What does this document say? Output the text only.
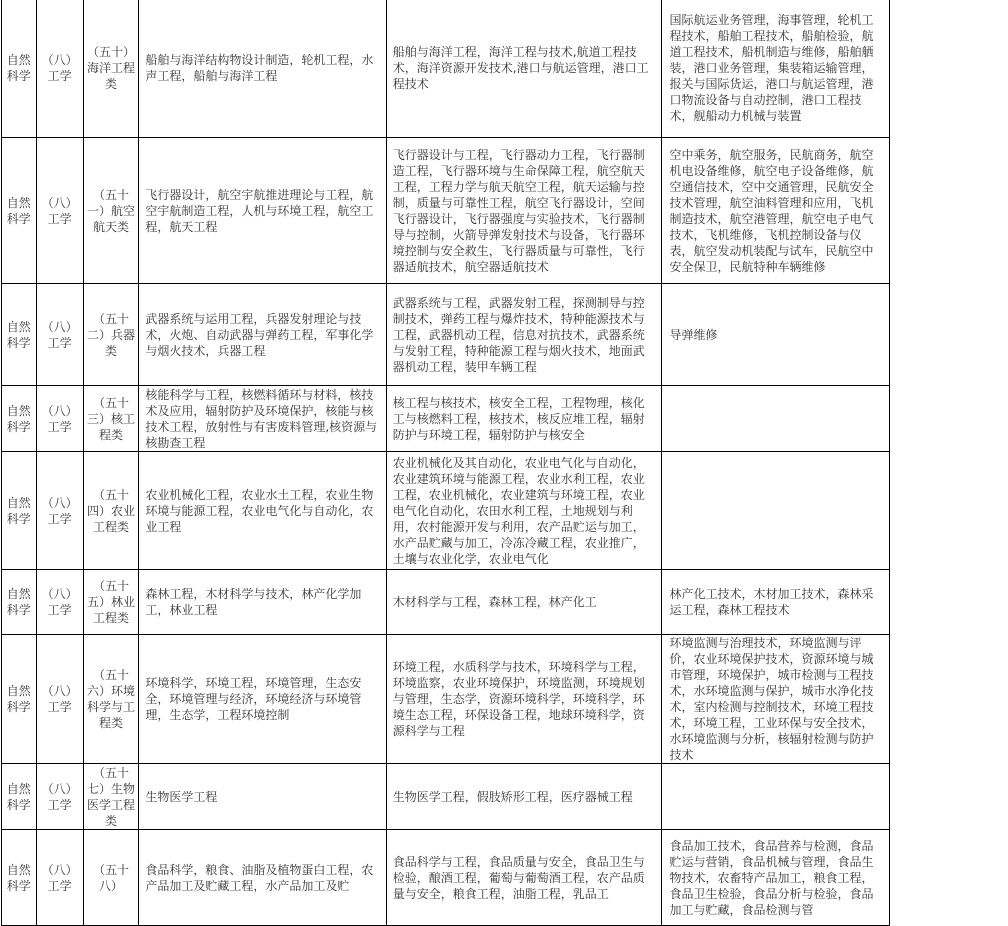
自然科学	（八）工学	（五十）海洋工程类	船舶与海洋结构物设计制造，轮机工程，水声工程，船舶与海洋工程	船舶与海洋工程，海洋工程与技术,航道工程技术，海洋资源开发技术,港口与航运管理，港口工程技术	国际航运业务管理，海事管理，轮机工程技术，船舶工程技术，船舶检验，航道工程技术，船机制造与维修，船舶舾装，港口业务管理，集装箱运输管理，报关与国际货运，港口与航运管理，港口物流设备与自动控制，港口工程技术，舰船动力机械与装置
自然科学	（八）工学	（五十一）航空航天类	飞行器设计，航空宇航推进理论与工程，航空宇航制造工程，人机与环境工程，航空工程，航天工程	飞行器设计与工程，飞行器动力工程，飞行器制造工程，飞行器环境与生命保障工程，航空航天工程，工程力学与航天航空工程，航天运输与控制，质量与可靠性工程，航空飞行器设计，空间飞行器设计，飞行器强度与实验技术，飞行器制导与控制，火箭导弹发射技术与设备，飞行器环境控制与安全救生，飞行器质量与可靠性，飞行器适航技术，航空器适航技术	空中乘务，航空服务，民航商务，航空机电设备维修，航空电子设备维修，航空通信技术，空中交通管理，民航安全技术管理，航空油料管理和应用，飞机制造技术，航空港管理，航空电子电气技术，飞机维修，飞机控制设备与仪表，航空发动机装配与试车，民航空中安全保卫，民航特种车辆维修
自然科学	（八）工学	（五十二）兵器类	武器系统与运用工程，兵器发射理论与技术，火炮、自动武器与弹药工程，军事化学与烟火技术，兵器工程	武器系统与工程，武器发射工程，探测制导与控制技术，弹药工程与爆炸技术，特种能源技术与工程，武器机动工程，信息对抗技术，武器系统与发射工程，特种能源工程与烟火技术，地面武器机动工程，装甲车辆工程	导弹维修
自然科学	（八）工学	（五十三）核工程类	核能科学与工程，核燃料循环与材料，核技术及应用，辐射防护及环境保护，核能与核技术工程，放射性与有害废料管理,核资源与核勘查工程	核工程与核技术，核安全工程，工程物理，核化工与核燃料工程，核技术，核反应堆工程，辐射防护与环境工程，辐射防护与核安全	
自然科学	（八）工学	（五十四）农业工程类	农业机械化工程，农业水土工程，农业生物环境与能源工程，农业电气化与自动化，农业工程	农业机械化及其自动化，农业电气化与自动化，农业建筑环境与能源工程，农业水利工程，农业工程，农业机械化，农业建筑与环境工程，农业电气化自动化，农田水利工程，土地规划与利用，农村能源开发与利用，农产品贮运与加工，水产品贮藏与加工，冷冻冷藏工程，农业推广，土壤与农业化学，农业电气化	
自然科学	（八）工学	（五十五）林业工程类	森林工程，木材科学与技术，林产化学加工，林业工程	木材科学与工程，森林工程，林产化工	林产化工技术，木材加工技术，森林采运工程，森林工程技术
自然科学	（八）工学	（五十六）环境科学与工程类	环境科学，环境工程，环境管理，生态安全，环境管理与经济，环境经济与环境管理，生态学，工程环境控制	环境工程，水质科学与技术，环境科学与工程，环境监察，农业环境保护，环境监测，环境规划与管理，生态学，资源环境科学，环境科学，环境生态工程，环保设备工程，地球环境科学，资源科学与工程	环境监测与治理技术，环境监测与评价，农业环境保护技术，资源环境与城市管理，环境保护，城市检测与工程技术，水环境监测与保护，城市水净化技术，室内检测与控制技术，环境工程技术，环境工程，工业环保与安全技术，水环境监测与分析，核辐射检测与防护技术
自然科学	（八）工学	（五十七）生物医学工程类	生物医学工程	生物医学工程，假肢矫形工程，医疗器械工程	
自然科学	（八）工学	（五十八）	食品科学，粮食、油脂及植物蛋白工程，农产品加工及贮藏工程，水产品加工及贮	食品科学与工程，食品质量与安全，食品卫生与检验，酿酒工程，葡萄与葡萄酒工程，农产品质量与安全，粮食工程，油脂工程，乳品工	食品加工技术，食品营养与检测，食品贮运与营销，食品机械与管理，食品生物技术，农畜特产品加工，粮食工程，食品卫生检验，食品分析与检验，食品加工与贮藏，食品检测与管
